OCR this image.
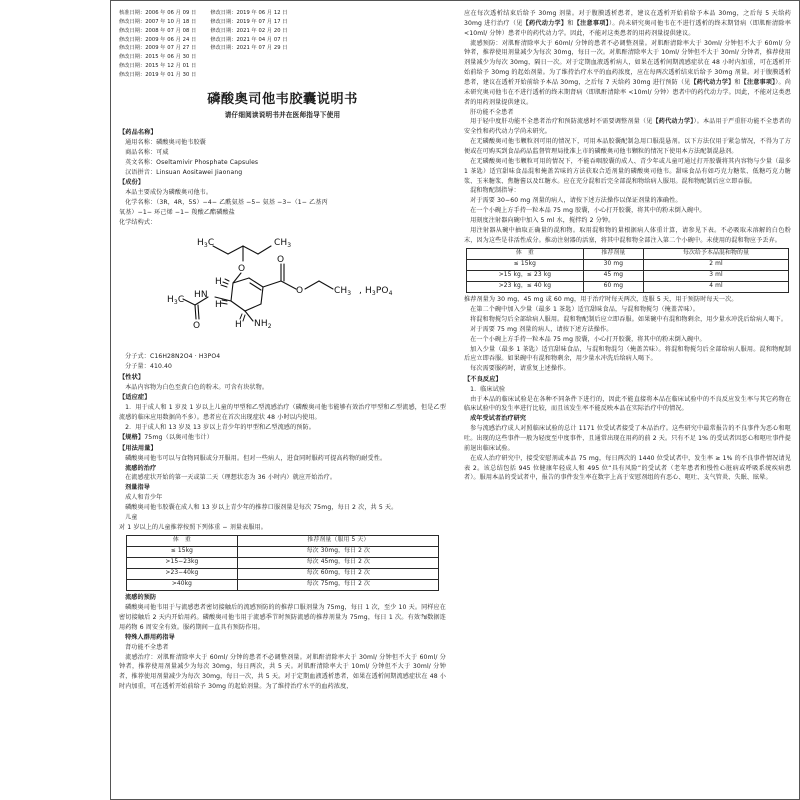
核准日期：2006 年 06 月 09 日
修改日期：2007 年 10 月 18 日
修改日期：2008 年 07 月 08 日
修改日期：2009 年 06 月 24 日
修改日期：2009 年 07 月 27 日
修改日期：2015 年 06 月 30 日
修改日期：2015 年 12 月 01 日
修改日期：2019 年 01 月 30 日
修改日期：2019 年 06 月 12 日
修改日期：2019 年 07 月 17 日
修改日期：2021 年 02 月 20 日
修改日期：2021 年 04 月 07 日
修改日期：2021 年 07 月 29 日
磷酸奥司他韦胶囊说明书
请仔细阅读说明书并在医师指导下使用
【药品名称】

通用名称：磷酸奥司他韦胶囊

商品名称：可威

英文名称：Oseltamivir Phosphate Capsules

汉语拼音：Linsuan Aositawei Jiaonang

【成份】

本品主要成份为磷酸奥司他韦。

化学名称：（3R，4R，5S）−4− 乙酰氨基 −5− 氨基 −3−（1− 乙基丙

氧基）−1− 环己烯 −1− 羧酸乙酯磷酸盐

化学结构式：

$H_3C$	$CH_3$
O
H
HN
$H_3C$
O
H
H $NH_2$
O
O	$CH_3$ , $H_3PO_4$

分子式：C16H28N2O4 · H3PO4

分子量：410.40

【性状】

本品内容物为白色至黄白色的粉末。可含有块状物。

【适应症】

1．用于成人和 1 岁及 1 岁以上儿童的甲型和乙型流感治疗（磷酸奥司他韦能够有效治疗甲型和乙型流感，但是乙型流感的临床应用数据尚不多）。患者应在首次出现症状 48 小时以内使用。

2．用于成人和 13 岁及 13 岁以上青少年的甲型和乙型流感的预防。

【规格】75mg（以奥司他韦计）
【用法用量】

磷酸奥司他韦可以与食物同服或分开服用。但对一些病人，进食同时服药可提高药物的耐受性。

流感的治疗

在流感症状开始的第一天或第二天（理想状态为 36 小时内）就应开始治疗。

剂量指导
成人和青少年

磷酸奥司他韦胶囊在成人和 13 岁以上青少年的推荐口服剂量是每次 75mg，每日 2 次，共 5 天。

儿童

对 1 岁以上的儿童推荐按照下列体重 − 剂量表服用。

体　重	推荐剂量（服用 5 天）
≤ 15kg	每次 30mg，每日 2 次
>15−23kg	每次 45mg，每日 2 次
>23−40kg	每次 60mg，每日 2 次
>40kg	每次 75mg，每日 2 次
流感的预防

磷酸奥司他韦用于与流感患者密切接触后的流感预防的的推荐口服剂量为 75mg，每日 1 次，至少 10 天。同样应在密切接触后 2 天内开始用药。磷酸奥司他韦用于流感季节时预防流感的推荐剂量为 75mg，每日 1 次。有效ేక数据连用药物 6 周安全有效。服药期间一直具有预防作用。

特殊人群用药指导
肾功能不全患者

流感治疗：对肌酐清除率大于 60ml/ 分钟的患者不必调整剂量。对肌酐清除率大于 30ml/ 分钟但不大于 60ml/ 分钟者，推荐使用剂量减少为每次 30mg，每日两次，共 5 天。对肌酐清除率大于 10ml/ 分钟但不大于 30ml/ 分钟者，推荐使用剂量减少为每次 30mg，每日一次，共 5 天。对于定期血液透析患者，如果在透析间期流感症状在 48 小时内加重，可在透析开始前给予 30mg 的起始剂量。为了维持治疗水平的血药浓度，

应在每次透析结束后给予 30mg 剂量。对于腹膜透析患者，建议在透析开始前给予本品 30mg，之后每 5 天给药 30mg 进行治疗（见【药代动力学】和【注意事项】）。尚未研究奥司他韦在不进行透析的终末期肾病（即肌酐清除率 <10ml/ 分钟）患者中的药代动力学。因此，不能对这类患者的用药剂量提供建议。

流感预防：对肌酐清除率大于 60ml/ 分钟的患者不必调整剂量。对肌酐清除率大于 30ml/ 分钟但不大于 60ml/ 分钟者，推荐使用剂量减少为每次 30mg，每日一次。对肌酐清除率大于 10ml/ 分钟但不大于 30ml/ 分钟者，推荐使用剂量减少为每次 30mg，隔日一次。对于定期血液透析病人，如果在透析间期流感症状在 48 小时内加重，可在透析开始前给予 30mg 的起始剂量。为了维持治疗水平的血药浓度，应在每两次透析结束后给予 30mg 剂量。对于腹膜透析患者，建议在透析开始前给予本品 30mg，之后每 7 天给药 30mg 进行预防（见【药代动力学】和【注意事项】）。尚未研究奥司他韦在不进行透析的终末期肾病（即肌酐清除率 <10ml/ 分钟）患者中的药代动力学。因此，不能对这类患者的用药剂量提供建议。

肝功能不全患者

用于轻中度肝功能不全患者治疗和预防流感时不需要调整剂量（见【药代动力学】）。本品用于严重肝功能不全患者的安全性和药代动力学尚未研究。

在无磷酸奥司他韦颗粒剂可用的情况下，可用本品胶囊配制急用口服混悬剂。以下方法仅用于紧急情况，不得为了方便或在可购买到食品药品监督管理局批准上市的磷酸奥司他韦颗粒的情况下使用本方法配制混悬剂。

在无磷酸奥司他韦颗粒可用的情况下，不能吞咽胶囊的成人、青少年或儿童可通过打开胶囊将其内容物与少量（最多 1 茶匙）适宜甜味食品混和掩盖苦味的方法获取合适剂量的磷酸奥司他韦。甜味食品有如巧克力糖浆、低糖巧克力糖浆、玉米糖浆、焦糖酱以及红糖水。应在充分混和后完全部混和物给病人服用。混和物配制后应立即吞服。

混和物配制指导：

对于需要 30−60 mg 剂量的病人，请按下述方法操作以保证剂量的准确性。

在一个小碗上方手持一粒本品 75 mg 胶囊，小心打开胶囊，将其中的粉末倒入碗中。

用刻度注射器向碗中加入 5 ml 水，搅拌约 2 分钟。

用注射器从碗中抽取正确量的混和物。取用混和物的量根据病人体重计算，请参见下表。不必吸取未溶解的白色粉末，因为这些是非活性成分。推动注射器的活塞，将其中混和物全部注入第二个小碗中。未使用的混和物应予丢弃。

体　重	推荐剂量	每次给予本品混和物的量
≤ 15kg	30 mg	2 ml
>15 kg，≤ 23 kg	45 mg	3 ml
>23 kg，≤ 40 kg	60 mg	4 ml

推荐剂量为 30 mg、45 mg 或 60 mg，用于治疗时每天两次，连服 5 天，用于预防时每天一次。

在第二个碗中加入少量（最多 1 茶匙）适宜甜味食品，与混和物搅匀（掩盖苦味）。

将混和物搅匀后全部给病人服用。混和物配制后应立即吞服。如果碗中有混和物剩余，用少量水冲洗后给病人喝下。

对于需要 75 mg 剂量的病人，请按下述方法操作。

在一个小碗上方手持一粒本品 75 mg 胶囊，小心打开胶囊，将其中的粉末倒入碗中。

加入少量（最多 1 茶匙）适宜甜味食品，与混和物混匀（掩盖苦味）。将混和物搅匀后全部给病人服用。混和物配制后应立即吞服。如果碗中有混和物剩余，用少量水冲洗后给病人喝下。

每次需要服药时，请重复上述操作。

【不良反应】

1．临床试验

由于本品的临床试验是在各种不同条件下进行的，因此不能直接将本品在临床试验中的不良反应发生率与其它药物在临床试验中的发生率进行比较，而且该发生率不能反映本品在实际治疗中的情况。

成年受试者治疗研究

参与流感治疗成人对照临床试验的总计 1171 位受试者接受了本品治疗。这些研究中最常报告的不良事件为恶心和呕吐。出现的这些事件一般为轻度至中度事件，且通常出现在用药的前 2 天。只有不足 1% 的受试者因恶心和呕吐事件提前退出临床试验。

在成人治疗研究中，接受安慰剂或本品 75 mg，每日两次的 1440 位受试者中，发生率 ≥ 1% 的不良事件情况请见表 2。该总结包括 945 位健康年轻成人和 495 位“具有风险”的受试者（老年患者和慢性心脏病或呼吸系统疾病患者）。服用本品的受试者中，报告的事件发生率在数字上高于安慰剂组的有恶心、呕吐、支气管炎、失眠、眩晕。
